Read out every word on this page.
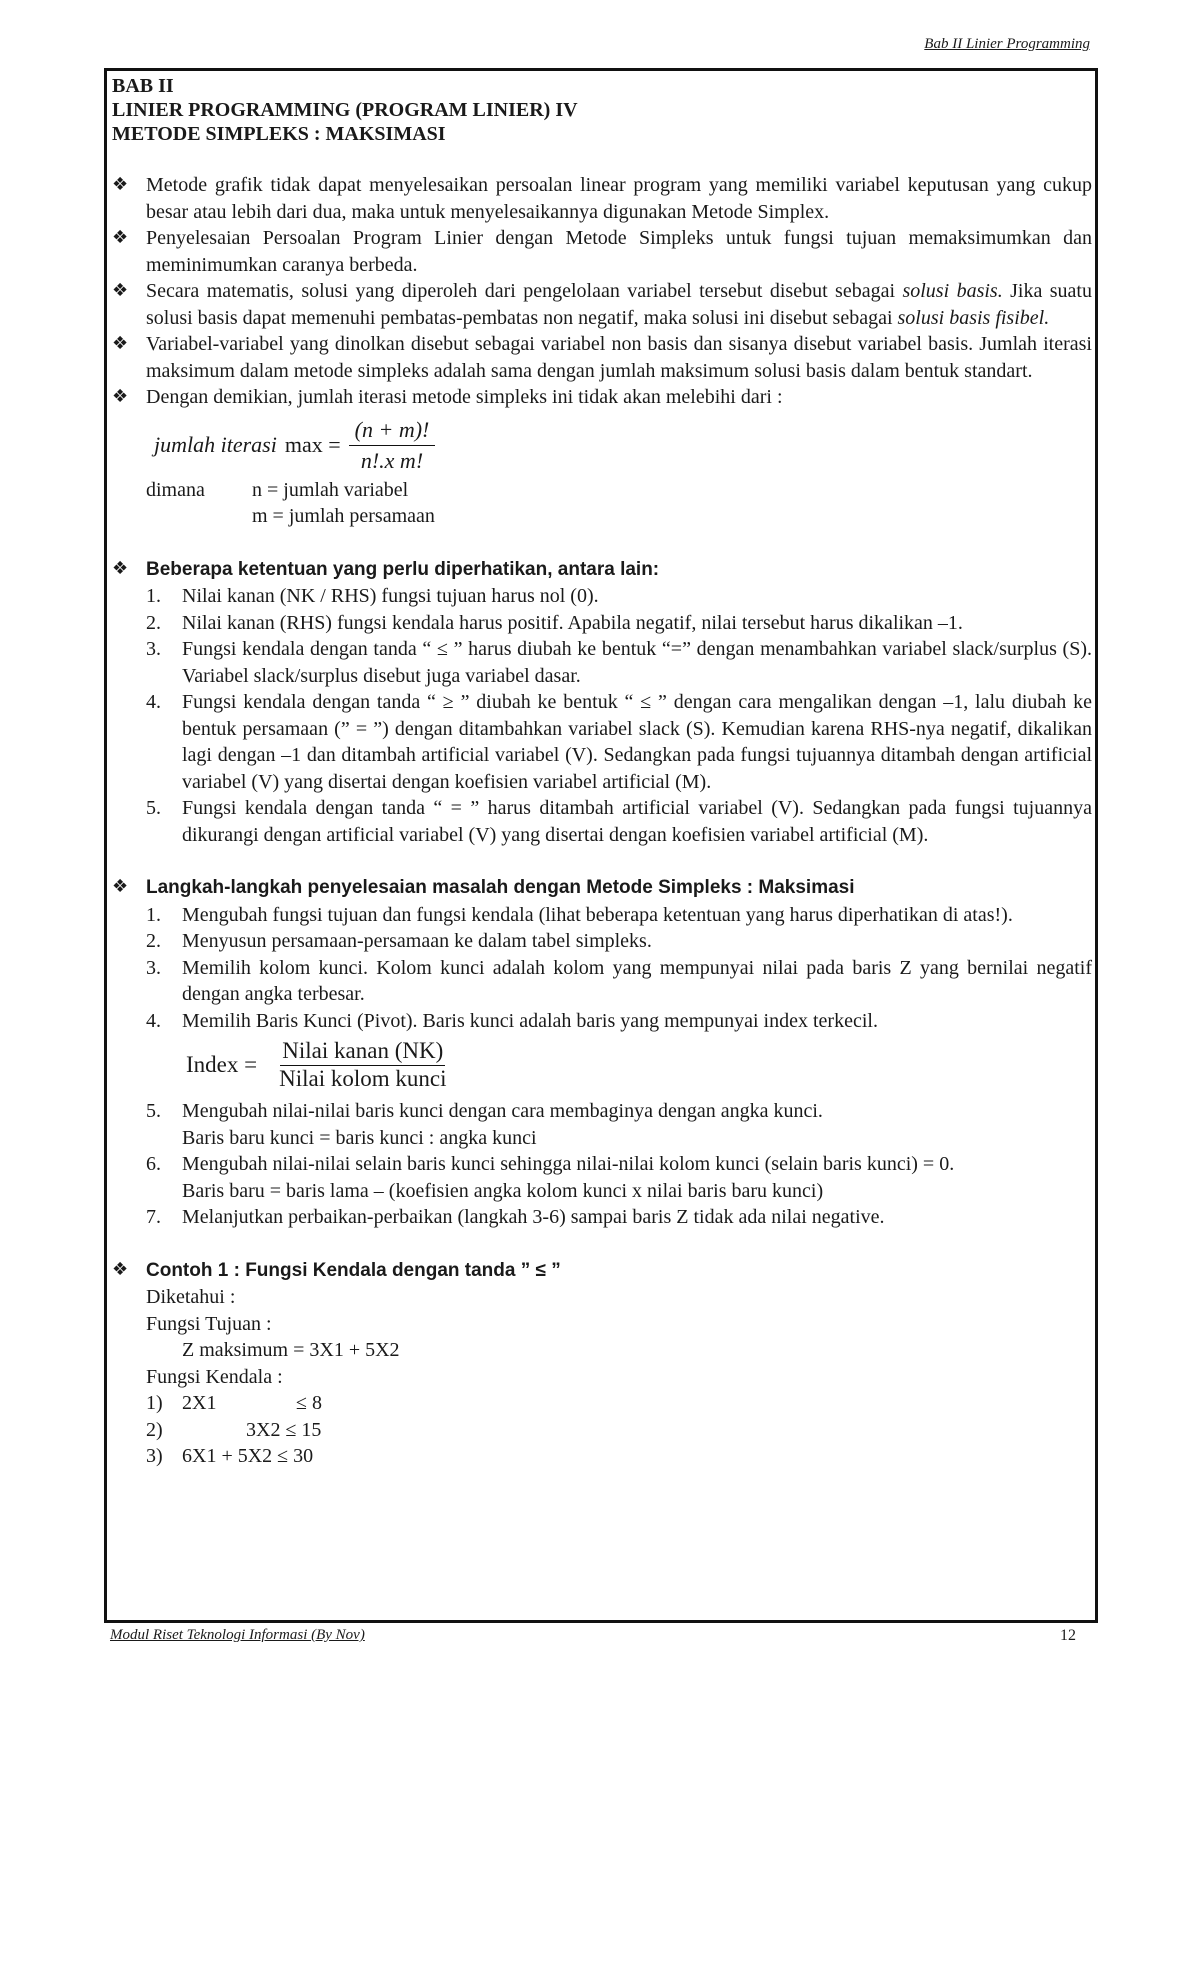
Bab II Linier Programming

BAB II

LINIER PROGRAMMING (PROGRAM LINIER) IV

METODE SIMPLEKS : MAKSIMASI

❖ Metode grafik tidak dapat menyelesaikan persoalan linear program yang memiliki variabel keputusan yang cukup besar atau lebih dari dua, maka untuk menyelesaikannya digunakan Metode Simplex.
❖ Penyelesaian Persoalan Program Linier dengan Metode Simpleks untuk fungsi tujuan memaksimumkan dan meminimumkan caranya berbeda.
❖ Secara matematis, solusi yang diperoleh dari pengelolaan variabel tersebut disebut sebagai solusi basis. Jika suatu solusi basis dapat memenuhi pembatas-pembatas non negatif, maka solusi ini disebut sebagai solusi basis fisibel.
❖ Variabel-variabel yang dinolkan disebut sebagai variabel non basis dan sisanya disebut variabel basis. Jumlah iterasi maksimum dalam metode simpleks adalah sama dengan jumlah maksimum solusi basis dalam bentuk standart.
❖ Dengan demikian, jumlah iterasi metode simpleks ini tidak akan melebihi dari :
jumlah iterasi $\max = \frac{(n + m)!}{\text{n!.x m!}}$
dimana	n = jumlah variabel
m = jumlah persamaan
❖ Beberapa ketentuan yang perlu diperhatikan, antara lain:
1. Nilai kanan (NK / RHS) fungsi tujuan harus nol (0).
2. Nilai kanan (RHS) fungsi kendala harus positif. Apabila negatif, nilai tersebut harus dikalikan –1.
3. Fungsi kendala dengan tanda “ ≤ ” harus diubah ke bentuk “=” dengan menambahkan variabel slack/surplus (S). Variabel slack/surplus disebut juga variabel dasar.
4. Fungsi kendala dengan tanda “ ≥ ” diubah ke bentuk “ ≤ ” dengan cara mengalikan dengan –1, lalu diubah ke bentuk persamaan (” = ”) dengan ditambahkan variabel slack (S). Kemudian karena RHS-nya negatif, dikalikan lagi dengan –1 dan ditambah artificial variabel (V). Sedangkan pada fungsi tujuannya ditambah dengan artificial variabel (V) yang disertai dengan koefisien variabel artificial (M).
5. Fungsi kendala dengan tanda “ = ” harus ditambah artificial variabel (V). Sedangkan pada fungsi tujuannya dikurangi dengan artificial variabel (V) yang disertai dengan koefisien variabel artificial (M).
❖ Langkah-langkah penyelesaian masalah dengan Metode Simpleks : Maksimasi
1. Mengubah fungsi tujuan dan fungsi kendala (lihat beberapa ketentuan yang harus diperhatikan di atas!).
2. Menyusun persamaan-persamaan ke dalam tabel simpleks.
3. Memilih kolom kunci. Kolom kunci adalah kolom yang mempunyai nilai pada baris Z yang bernilai negatif dengan angka terbesar.
4. Memilih Baris Kunci (Pivot). Baris kunci adalah baris yang mempunyai index terkecil.
Index = $\frac{\text{Nilai kanan (NK)}}{\text{Nilai kolom kunci}}$
5. Mengubah nilai-nilai baris kunci dengan cara membaginya dengan angka kunci.
Baris baru kunci = baris kunci : angka kunci
6. Mengubah nilai-nilai selain baris kunci sehingga nilai-nilai kolom kunci (selain baris kunci) = 0.
Baris baru = baris lama – (koefisien angka kolom kunci x nilai baris baru kunci)
7. Melanjutkan perbaikan-perbaikan (langkah 3-6) sampai baris Z tidak ada nilai negative.
❖ Contoh 1 : Fungsi Kendala dengan tanda ” ≤ ”
Diketahui :
Fungsi Tujuan :
Z maksimum = 3X1 + 5X2
Fungsi Kendala :
1) 2X1	≤ 8
2)	3X2 ≤ 15
3) 6X1 + 5X2 ≤ 30
Modul Riset Teknologi Informasi (By Nov)	12
